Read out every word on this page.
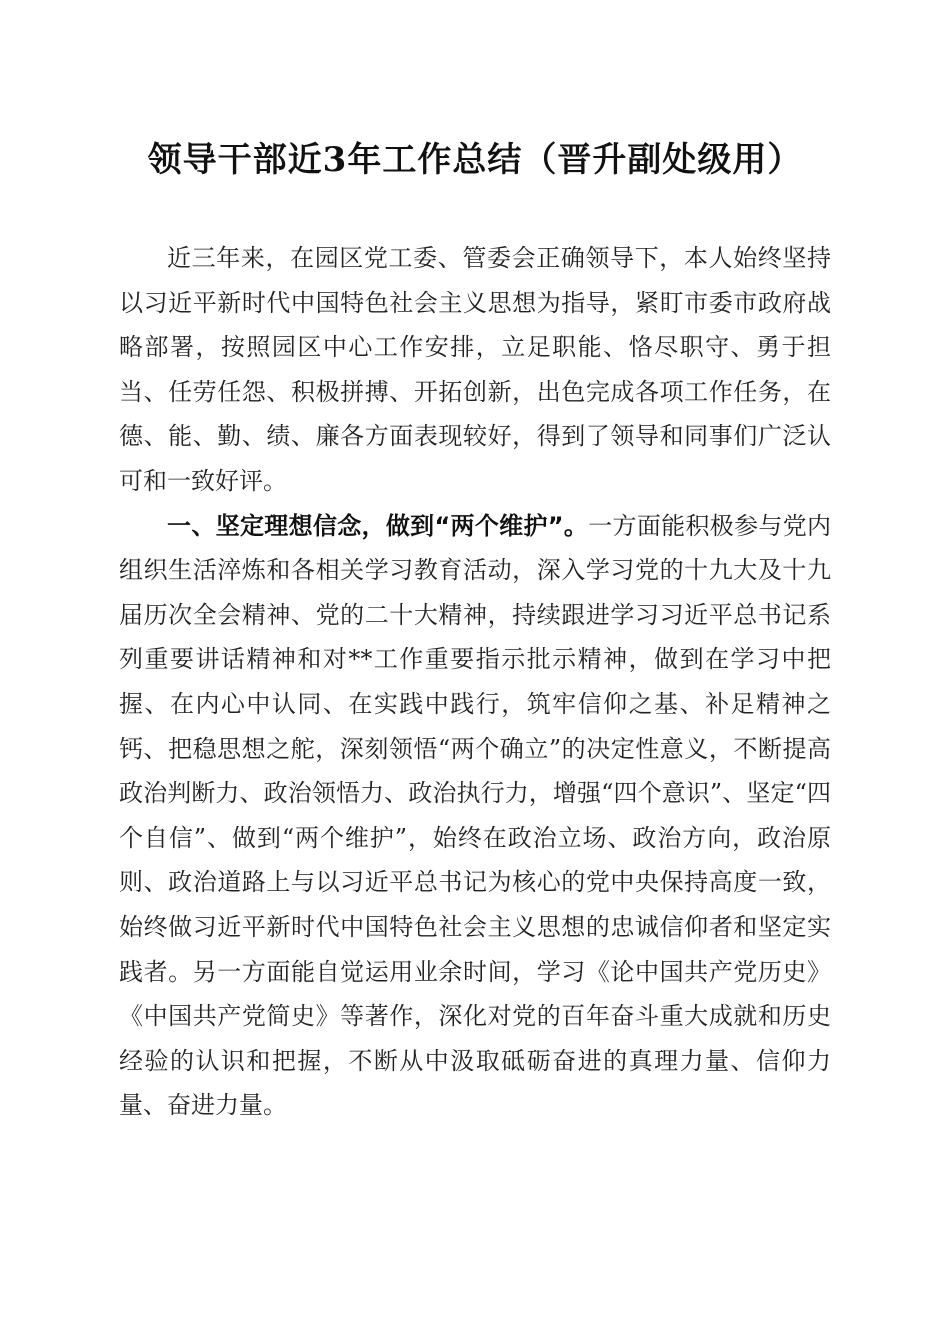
领导干部近3年工作总结（晋升副处级用）

近三年来，在园区党工委、管委会正确领导下，本人始终坚持以习近平新时代中国特色社会主义思想为指导，紧盯市委市政府战略部署，按照园区中心工作安排，立足职能、恪尽职守、勇于担当、任劳任怨、积极拼搏、开拓创新，出色完成各项工作任务，在德、能、勤、绩、廉各方面表现较好，得到了领导和同事们广泛认可和一致好评。

一、坚定理想信念，做到“两个维护”。一方面能积极参与党内组织生活淬炼和各相关学习教育活动，深入学习党的十九大及十九届历次全会精神、党的二十大精神，持续跟进学习习近平总书记系列重要讲话精神和对**工作重要指示批示精神，做到在学习中把握、在内心中认同、在实践中践行，筑牢信仰之基、补足精神之钙、把稳思想之舵，深刻领悟“两个确立”的决定性意义，不断提高政治判断力、政治领悟力、政治执行力，增强“四个意识”、坚定“四个自信”、做到“两个维护”，始终在政治立场、政治方向，政治原则、政治道路上与以习近平总书记为核心的党中央保持高度一致，始终做习近平新时代中国特色社会主义思想的忠诚信仰者和坚定实践者。另一方面能自觉运用业余时间，学习《论中国共产党历史》《中国共产党简史》等著作，深化对党的百年奋斗重大成就和历史经验的认识和把握，不断从中汲取砥砺奋进的真理力量、信仰力量、奋进力量。
